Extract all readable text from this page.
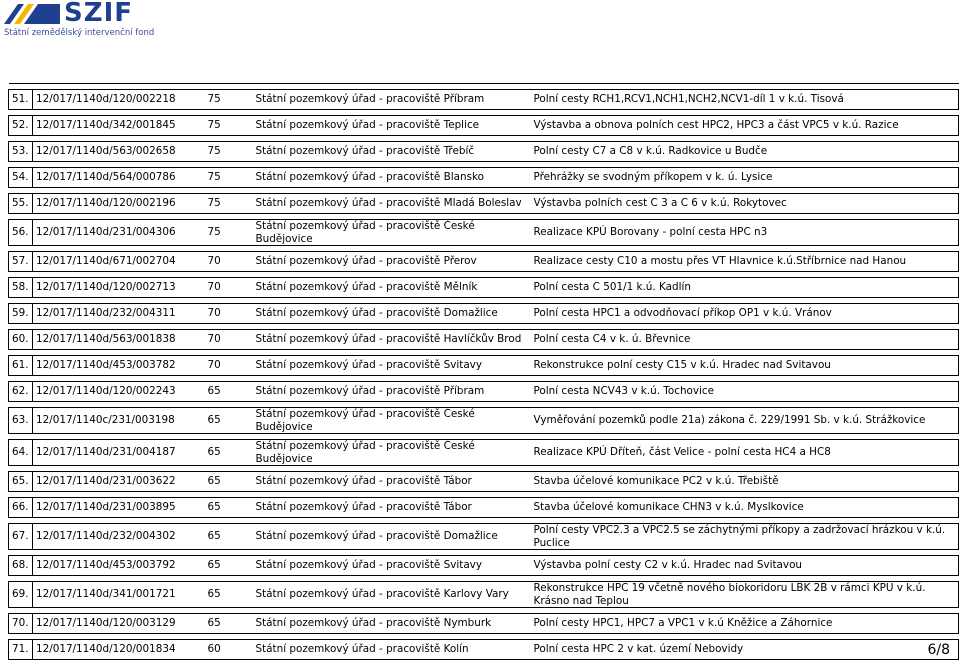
SZIF
Státní zemědělský intervenční fond

51.	12/017/1140d/120/002218	75	Státní pozemkový úřad - pracoviště Příbram	Polní cesty RCH1,RCV1,NCH1,NCH2,NCV1-díl 1 v k.ú. Tisová

52.	12/017/1140d/342/001845	75	Státní pozemkový úřad - pracoviště Teplice	Výstavba a obnova polních cest HPC2, HPC3 a část VPC5 v k.ú. Razice

53.	12/017/1140d/563/002658	75	Státní pozemkový úřad - pracoviště Třebíč	Polní cesty C7 a C8 v k.ú. Radkovice u Budče

54.	12/017/1140d/564/000786	75	Státní pozemkový úřad - pracoviště Blansko	Přehrážky se svodným příkopem v k. ú. Lysice

55.	12/017/1140d/120/002196	75	Státní pozemkový úřad - pracoviště Mladá Boleslav	Výstavba polních cest C 3 a C 6 v k.ú. Rokytovec

56.	12/017/1140d/231/004306	75	Státní pozemkový úřad - pracoviště České Budějovice	Realizace KPÚ Borovany - polní cesta HPC n3

57.	12/017/1140d/671/002704	70	Státní pozemkový úřad - pracoviště Přerov	Realizace cesty C10 a mostu přes VT Hlavnice k.ú.Stříbrnice nad Hanou

58.	12/017/1140d/120/002713	70	Státní pozemkový úřad - pracoviště Mělník	Polní cesta C 501/1 k.ú. Kadlín

59.	12/017/1140d/232/004311	70	Státní pozemkový úřad - pracoviště Domažlice	Polní cesta HPC1 a odvodňovací příkop OP1 v k.ú. Vránov

60.	12/017/1140d/563/001838	70	Státní pozemkový úřad - pracoviště Havlíčkův Brod	Polní cesta C4 v k. ú. Břevnice

61.	12/017/1140d/453/003782	70	Státní pozemkový úřad - pracoviště Svitavy	Rekonstrukce polní cesty C15 v k.ú. Hradec nad Svitavou

62.	12/017/1140d/120/002243	65	Státní pozemkový úřad - pracoviště Příbram	Polní cesta NCV43 v k.ú. Tochovice

63.	12/017/1140c/231/003198	65	Státní pozemkový úřad - pracoviště České Budějovice	Vyměřování pozemků podle 21a) zákona č. 229/1991 Sb. v k.ú. Strážkovice

64.	12/017/1140d/231/004187	65	Státní pozemkový úřad - pracoviště České Budějovice	Realizace KPÚ Dříteň, část Velice - polní cesta HC4 a HC8

65.	12/017/1140d/231/003622	65	Státní pozemkový úřad - pracoviště Tábor	Stavba účelové komunikace PC2 v k.ú. Třebiště

66.	12/017/1140d/231/003895	65	Státní pozemkový úřad - pracoviště Tábor	Stavba účelové komunikace CHN3 v k.ú. Myslkovice

67.	12/017/1140d/232/004302	65	Státní pozemkový úřad - pracoviště Domažlice	Polní cesty VPC2.3 a VPC2.5 se záchytnými příkopy a zadržovací hrázkou v k.ú. Puclice

68.	12/017/1140d/453/003792	65	Státní pozemkový úřad - pracoviště Svitavy	Výstavba polní cesty C2 v k.ú. Hradec nad Svitavou

69.	12/017/1140d/341/001721	65	Státní pozemkový úřad - pracoviště Karlovy Vary	Rekonstrukce HPC 19 včetně nového biokoridoru LBK 2B v rámci KPÚ v k.ú. Krásno nad Teplou

70.	12/017/1140d/120/003129	65	Státní pozemkový úřad - pracoviště Nymburk	Polní cesty HPC1, HPC7 a VPC1 v k.ú Kněžice a Záhornice

71.	12/017/1140d/120/001834	60	Státní pozemkový úřad - pracoviště Kolín	Polní cesta HPC 2 v kat. území Nebovidy	6/8
